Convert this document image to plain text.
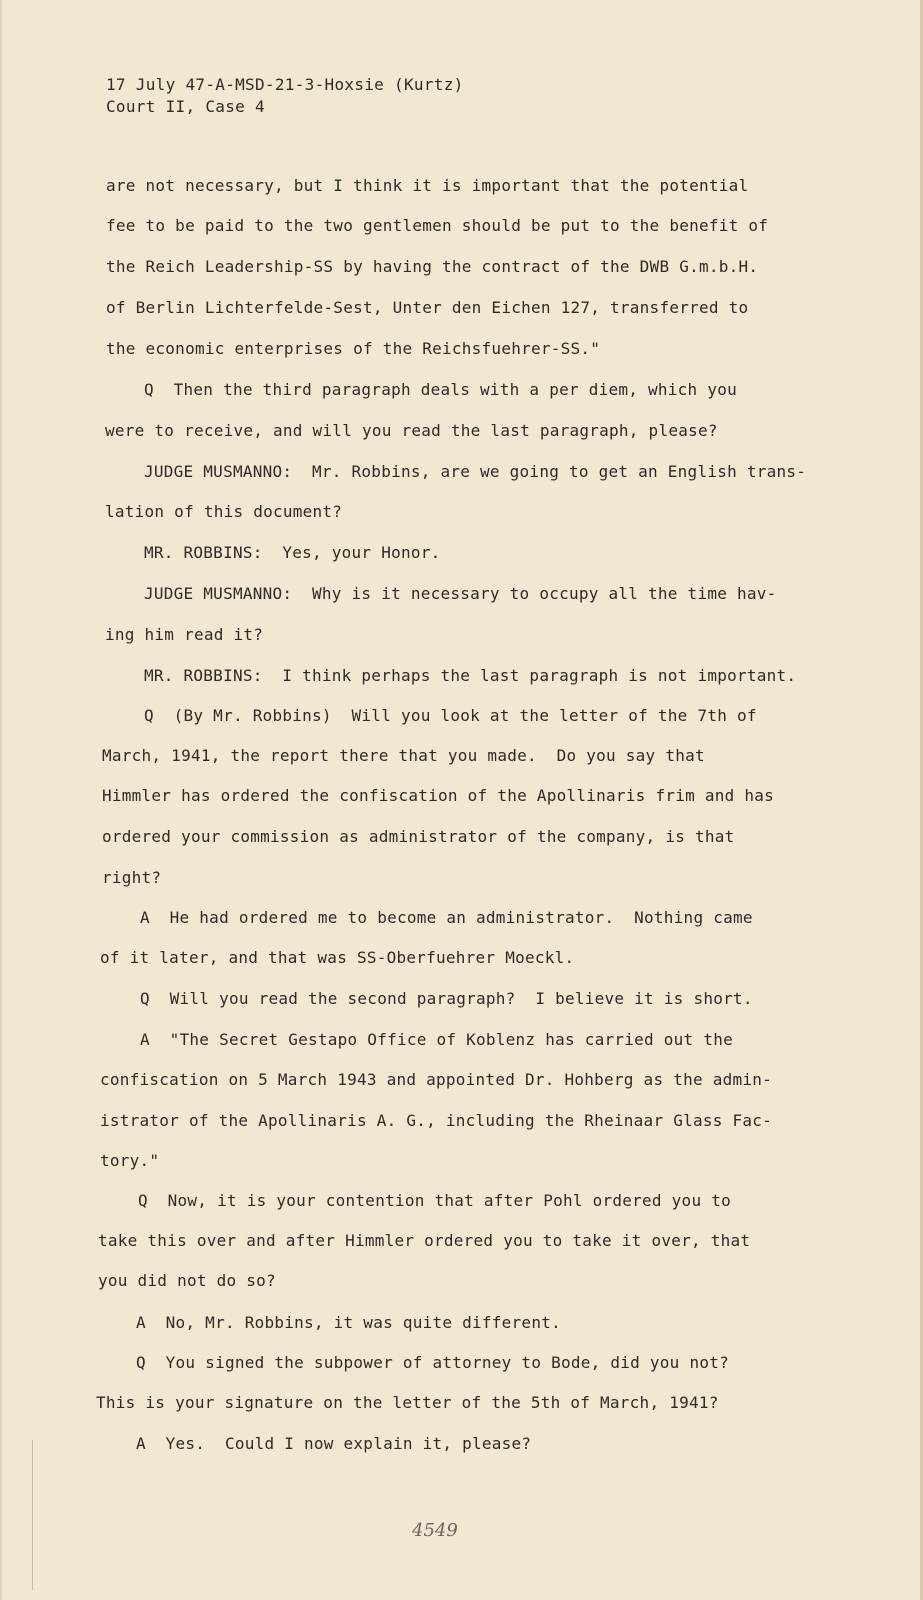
17 July 47-A-MSD-21-3-Hoxsie (Kurtz)
Court II, Case 4
are not necessary, but I think it is important that the potential
fee to be paid to the two gentlemen should be put to the benefit of
the Reich Leadership-SS by having the contract of the DWB G.m.b.H.
of Berlin Lichterfelde-Sest, Unter den Eichen 127, transferred to
the economic enterprises of the Reichsfuehrer-SS."
Q  Then the third paragraph deals with a per diem, which you
were to receive, and will you read the last paragraph, please?
JUDGE MUSMANNO:  Mr. Robbins, are we going to get an English trans-
lation of this document?
MR. ROBBINS:  Yes, your Honor.
JUDGE MUSMANNO:  Why is it necessary to occupy all the time hav-
ing him read it?
MR. ROBBINS:  I think perhaps the last paragraph is not important.
Q  (By Mr. Robbins)  Will you look at the letter of the 7th of
March, 1941, the report there that you made.  Do you say that
Himmler has ordered the confiscation of the Apollinaris frim and has
ordered your commission as administrator of the company, is that
right?
A  He had ordered me to become an administrator.  Nothing came
of it later, and that was SS-Oberfuehrer Moeckl.
Q  Will you read the second paragraph?  I believe it is short.
A  "The Secret Gestapo Office of Koblenz has carried out the
confiscation on 5 March 1943 and appointed Dr. Hohberg as the admin-
istrator of the Apollinaris A. G., including the Rheinaar Glass Fac-
tory."
Q  Now, it is your contention that after Pohl ordered you to
take this over and after Himmler ordered you to take it over, that
you did not do so?
A  No, Mr. Robbins, it was quite different.
Q  You signed the subpower of attorney to Bode, did you not?
This is your signature on the letter of the 5th of March, 1941?
A  Yes.  Could I now explain it, please?
4549
